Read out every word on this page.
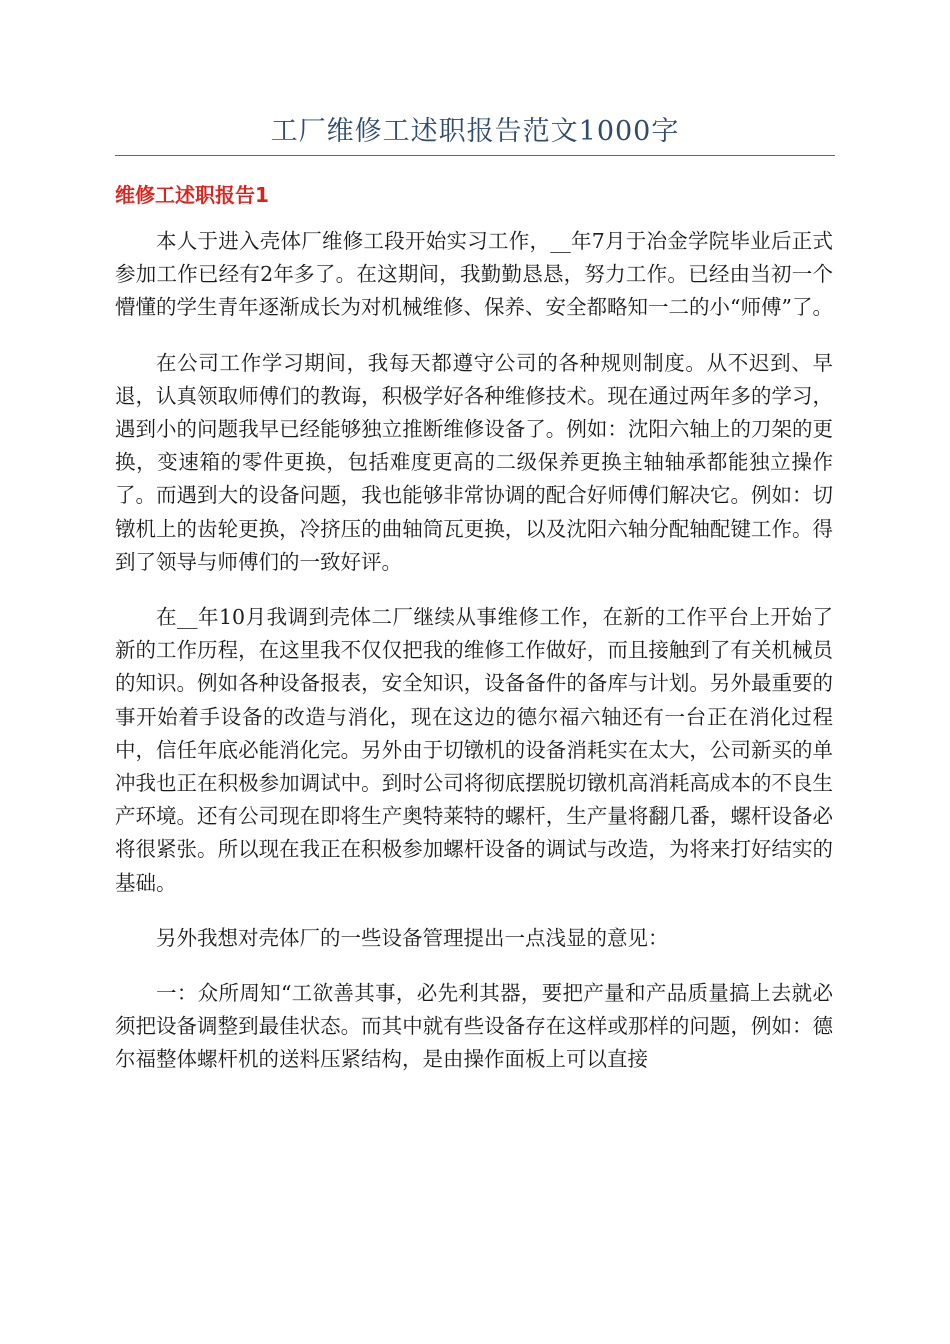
工厂维修工述职报告范文1000字
维修工述职报告1

本人于进入壳体厂维修工段开始实习工作，__年7月于冶金学院毕业后正式参加工作已经有2年多了。在这期间，我勤勤恳恳，努力工作。已经由当初一个懵懂的学生青年逐渐成长为对机械维修、保养、安全都略知一二的小“师傅”了。

在公司工作学习期间，我每天都遵守公司的各种规则制度。从不迟到、早退，认真领取师傅们的教诲，积极学好各种维修技术。现在通过两年多的学习，遇到小的问题我早已经能够独立推断维修设备了。例如：沈阳六轴上的刀架的更换，变速箱的零件更换，包括难度更高的二级保养更换主轴轴承都能独立操作了。而遇到大的设备问题，我也能够非常协调的配合好师傅们解决它。例如：切镦机上的齿轮更换，冷挤压的曲轴筒瓦更换，以及沈阳六轴分配轴配键工作。得到了领导与师傅们的一致好评。

在__年10月我调到壳体二厂继续从事维修工作，在新的工作平台上开始了新的工作历程，在这里我不仅仅把我的维修工作做好，而且接触到了有关机械员的知识。例如各种设备报表，安全知识，设备备件的备库与计划。另外最重要的事开始着手设备的改造与消化，现在这边的德尔福六轴还有一台正在消化过程中，信任年底必能消化完。另外由于切镦机的设备消耗实在太大，公司新买的单冲我也正在积极参加调试中。到时公司将彻底摆脱切镦机高消耗高成本的不良生产环境。还有公司现在即将生产奥特莱特的螺杆，生产量将翻几番，螺杆设备必将很紧张。所以现在我正在积极参加螺杆设备的调试与改造，为将来打好结实的基础。

另外我想对壳体厂的一些设备管理提出一点浅显的意见：

一：众所周知“工欲善其事，必先利其器，要把产量和产品质量搞上去就必须把设备调整到最佳状态。而其中就有些设备存在这样或那样的问题，例如：德尔福整体螺杆机的送料压紧结构，是由操作面板上可以直接
